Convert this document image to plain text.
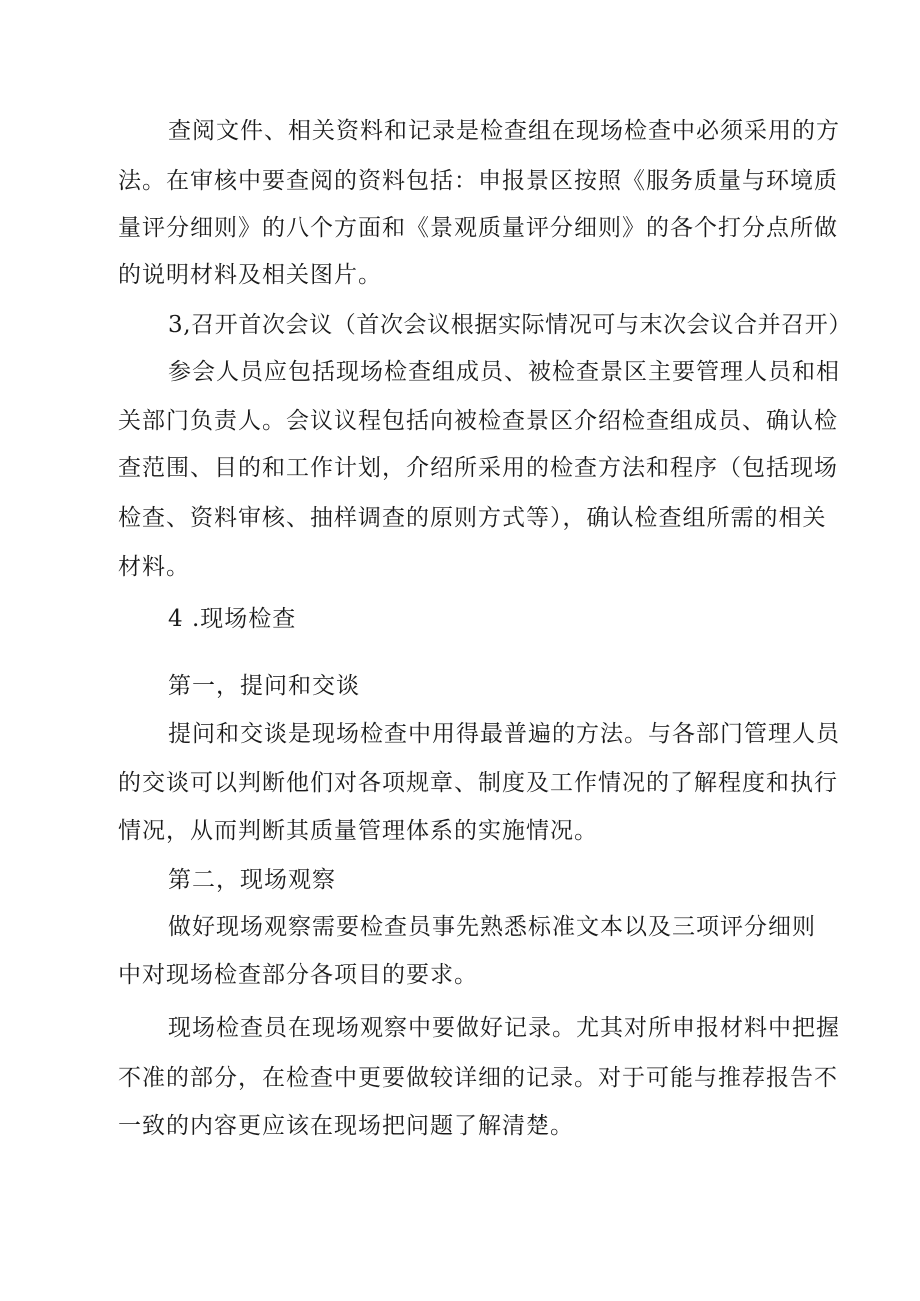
查阅文件、相关资料和记录是检查组在现场检查中必须采用的方
法。在审核中要查阅的资料包括：申报景区按照《服务质量与环境质
量评分细则》的八个方面和《景观质量评分细则》的各个打分点所做
的说明材料及相关图片。
3,召开首次会议（首次会议根据实际情况可与末次会议合并召开）
参会人员应包括现场检查组成员、被检查景区主要管理人员和相
关部门负责人。会议议程包括向被检查景区介绍检查组成员、确认检
查范围、目的和工作计划，介绍所采用的检查方法和程序（包括现场
检查、资料审核、抽样调查的原则方式等），确认检查组所需的相关
材料。
4 .现场检查
第一，提问和交谈
提问和交谈是现场检查中用得最普遍的方法。与各部门管理人员
的交谈可以判断他们对各项规章、制度及工作情况的了解程度和执行
情况，从而判断其质量管理体系的实施情况。
第二，现场观察
做好现场观察需要检查员事先熟悉标准文本以及三项评分细则
中对现场检查部分各项目的要求。
现场检查员在现场观察中要做好记录。尤其对所申报材料中把握
不准的部分，在检查中更要做较详细的记录。对于可能与推荐报告不
一致的内容更应该在现场把问题了解清楚。
